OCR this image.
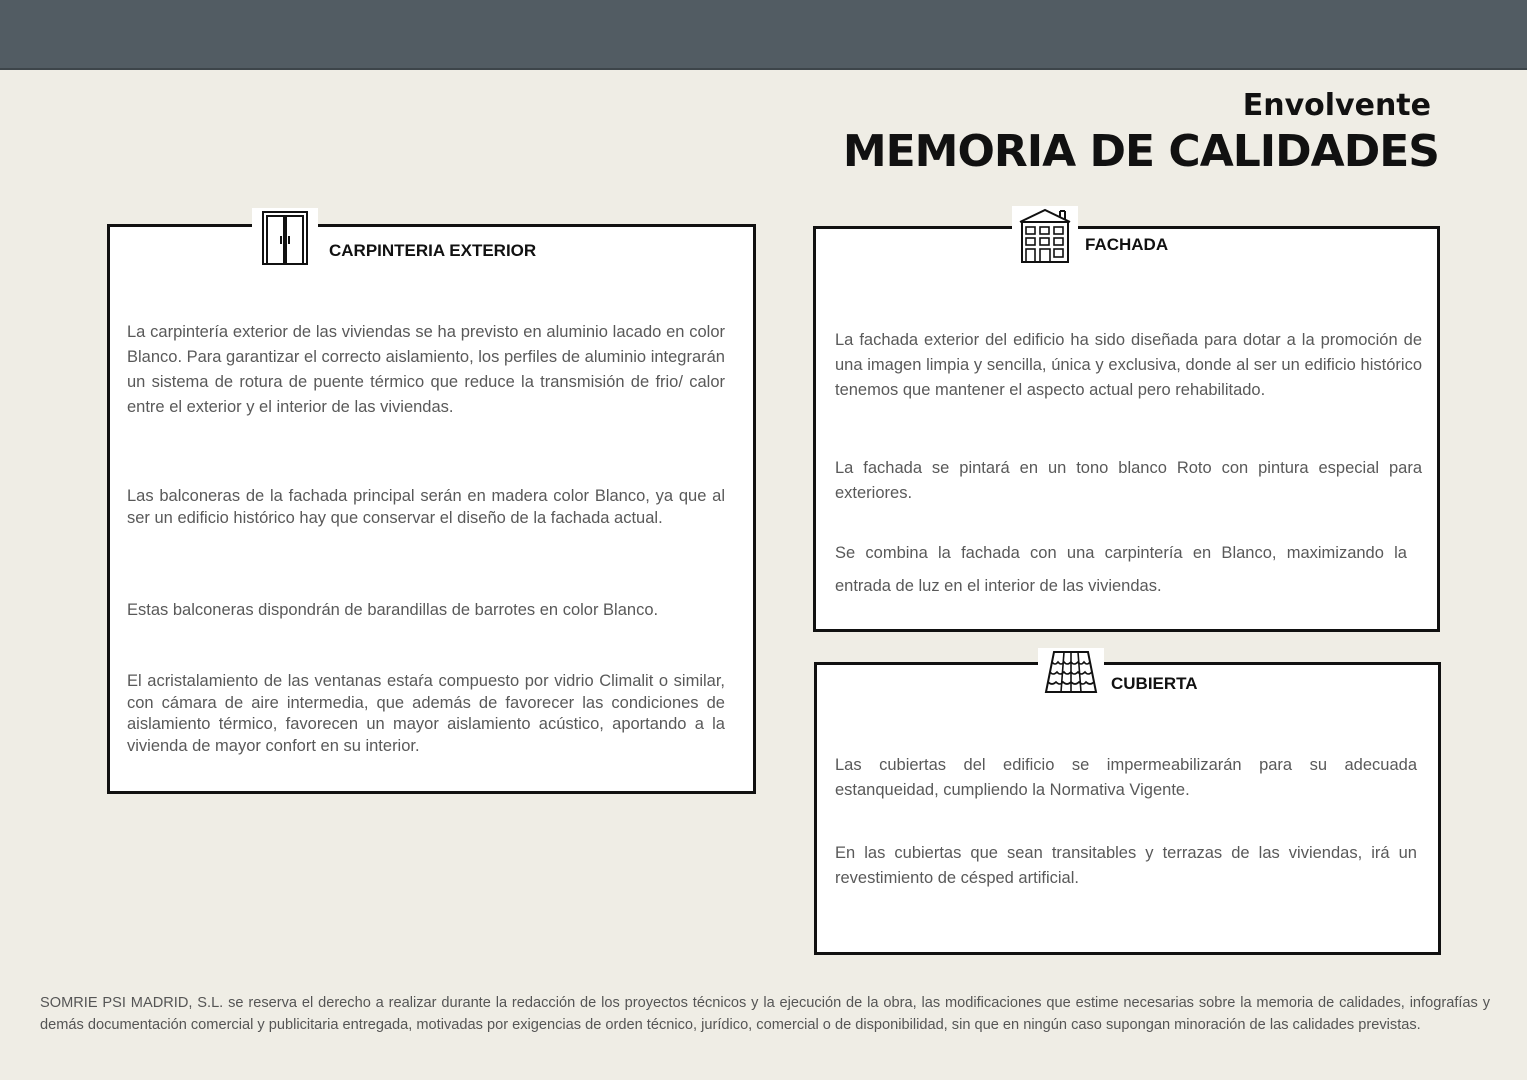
Envolvente
MEMORIA DE CALIDADES
CARPINTERIA EXTERIOR
La carpintería exterior de las viviendas se ha previsto en aluminio lacado en color Blanco. Para garantizar el correcto aislamiento, los perfiles de aluminio integrarán un sistema de rotura de puente térmico que reduce la transmisión de frio/ calor entre el exterior y el interior de las viviendas.
Las balconeras de la fachada principal serán en madera color Blanco, ya que al ser un edificio histórico hay que conservar el diseño de la fachada actual.
Estas balconeras dispondrán de barandillas de barrotes en color Blanco.
El acristalamiento de las ventanas estaŕa compuesto por vidrio Climalit o similar, con cámara de aire intermedia, que además de favorecer las condiciones de aislamiento térmico, favorecen un mayor aislamiento acústico, aportando a la vivienda de mayor confort en su interior.
FACHADA
La fachada exterior del edificio ha sido diseñada para dotar a la promoción de una imagen limpia y sencilla, única y exclusiva, donde al ser un edificio histórico tenemos que mantener el aspecto actual pero rehabilitado.
La fachada se pintará en un tono blanco Roto con pintura especial para exteriores.
Se combina la fachada con una carpintería en Blanco, maximizando la entrada de luz en el interior de las viviendas.
CUBIERTA
Las cubiertas del edificio se impermeabilizarán para su adecuada estanqueidad, cumpliendo la Normativa Vigente.
En las cubiertas que sean transitables y terrazas de las viviendas, irá un revestimiento de césped artificial.
SOMRIE PSI MADRID, S.L. se reserva el derecho a realizar durante la redacción de los proyectos técnicos y la ejecución de la obra, las modificaciones que estime necesarias sobre la memoria de calidades, infografías y demás documentación comercial y publicitaria entregada, motivadas por exigencias de orden técnico, jurídico, comercial o de disponibilidad, sin que en ningún caso supongan minoración de las calidades previstas.
